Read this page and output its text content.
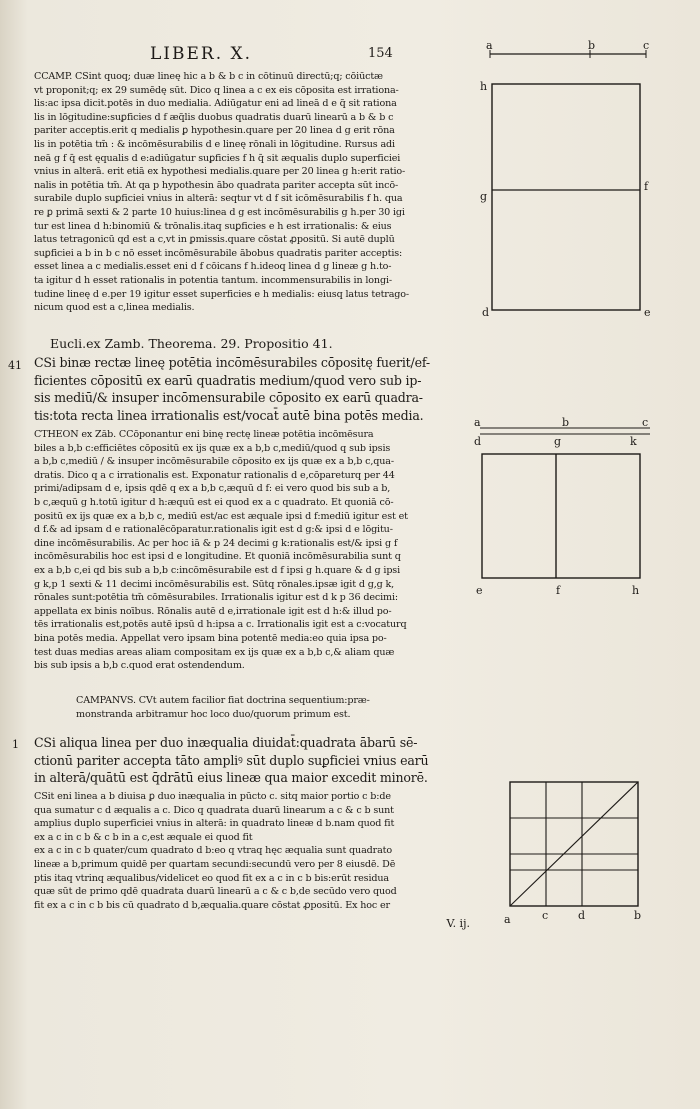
LIBER. X.	154

CCAMP. CSint quoq; duæ lineę hic a b & b c in cōtinuū directū;q; cōiūctæ

vt proponit;q; ex 29 sumēdę sūt. Dico q linea a c ex eis cōposita est irrationa-

lis:ac ipsa dicit.potēs in duo medialia. Adiūgatur eni ad lineā d e q̃ sit rationa

lis in lōgitudine:suꝑficies d f æq̃lis duobus quadratis duarū linearū a b & b c

pariter acceptis.erit q medialis ꝑ hypothesin.quare per 20 linea d g erit rōna

lis in potētia tm̄ : & incōmēsurabilis d e lineę rōnali in lōgitudine. Rursus adi

neā g f q̄ est ęqualis d e:adiūgatur suꝑficies f h q̄ sit æqualis duplo superficiei

vnius in alterā. erit etiā ex hypothesi medialis.quare per 20 linea g h:erit ratio-

nalis in potētia tm̄. At qa p hypothesin ābo quadrata pariter accepta sūt incō-

surabile duplo suꝑficiei vnius in alterā: seqtur vt d f sit icōmēsurabilis f h. qua

re ꝑ primā sexti & 2 parte 10 huius:linea d g est incōmēsurabilis g h.per 30 igi

tur est linea d h:binomiū & trōnalis.itaq suꝑficies e h est irrationalis: & eius

latus tetragonicū qd est a c,vt in ꝑmissis.quare cōstat ꝓpositū. Si autē duplū

suꝑficiei a b in b c nō esset incōmēsurabile ābobus quadratis pariter acceptis:

esset linea a c medialis.esset eni d f cōicans f h.ideoq linea d g lineæ g h.to-

ta igitur d h esset rationalis in potentia tantum. incommensurabilis in longi-

tudine lineę d e.per 19 igitur esset superficies e h medialis: eiusq latus tetrago-

nicum quod est a c,linea medialis.

Eucli.ex Zamb. Theorema. 29. Propositio 41.
41 CSi binæ rectæ lineę potētia incōmēsurabiles cōpositę fuerit/ef-

ficientes cōpositū ex earū quadratis medium/quod vero sub ip-

sis mediū/& insuper incōmensurabile cōposito ex earū quadra-

tis:tota recta linea irrationalis est/vocat̄ autē bina potēs media.

CTHEON ex Zāb. CCōponantur eni binę rectę lineæ potētia incōmēsura

biles a b,b c:efficiētes cōpositū ex ijs quæ ex a b,b c,mediū/quod q sub ipsis

a b,b c,mediū / & insuper incōmēsurabile cōposito ex ijs quæ ex a b,b c,qua-

dratis. Dico q a c irrationalis est. Exponatur rationalis d e,cōpareturq per 44

primi/adipsam d e, ipsis qdē q ex a b,b c,æquū d f: ei vero quod bis sub a b,

b c,æquū g h.totū igitur d h:æquū est ei quod ex a c quadrato. Et quoniā cō-

positū ex ijs quæ ex a b,b c, mediū est/ac est æquale ipsi d f:mediū igitur est et

d f.& ad ipsam d e rationalēcōparatur.rationalis igit est d g:& ipsi d e lōgitu-

dine incōmēsurabilis. Ac per hoc iā & p 24 decimi g k:rationalis est/& ipsi g f

incōmēsurabilis hoc est ipsi d e longitudine. Et quoniā incōmēsurabilia sunt q

ex a b,b c,ei qd bis sub a b,b c:incōmēsurabile est d f ipsi g h.quare & d g ipsi

g k,p 1 sexti & 11 decimi incōmēsurabilis est. Sūtq rōnales.ipsæ igit d g,g k,

rōnales sunt:potētia tm̄ cōmēsurabiles. Irrationalis igitur est d k p 36 decimi:

appellata ex binis noībus. Rōnalis autē d e,irrationale igit est d h:& illud po-

tēs irrationalis est,potēs autē ipsū d h:ipsa a c. Irrationalis igit est a c:vocaturq

bina potēs media. Appellat vero ipsam bina potentē media:eo quia ipsa po-

test duas medias areas aliam compositam ex ijs quæ ex a b,b c,& aliam quæ

bis sub ipsis a b,b c.quod erat ostendendum.

CAMPANVS. CVt autem facilior fiat doctrina sequentium:præ-

monstranda arbitramur hoc loco duo/quorum primum est.

1 CSi aliqua linea per duo inæqualia diuidat̄:quadrata ābarū sē-

ctionū pariter accepta tāto ampliꝰ sūt duplo suꝑficiei vnius earū

in alterā/quātū est q̄drātū eius lineæ qua maior excedit minorē.

CSit eni linea a b diuisa ꝑ duo inæqualia in pūcto c. sitq maior portio c b:de

qua sumatur c d æqualis a c. Dico q quadrata duarū linearum a c & c b sunt

amplius duplo superficiei vnius in alterā: in quadrato lineæ d b.nam quod fit

ex a c in c b & c b in a c,est æquale ei quod fit

ex a c in c b quater/cum quadrato d b:eo q vtraq hęc æqualia sunt quadrato

lineæ a b,primum quidē per quartam secundi:secundū vero per 8 eiusdē. Dē

ptis itaq vtrinq æqualibus/videlicet eo quod fit ex a c in c b bis:erūt residua

quæ sūt de primo qdē quadrata duarū linearū a c & c b,de secūdo vero quod

fit ex a c in c b bis cū quadrato d b,æqualia.quare cōstat ꝓpositū. Ex hoc er

V. ij.
a	b	c
h
g
d
f
e
a	b	c
d	g	k
e	f	h
a	c	d	b
